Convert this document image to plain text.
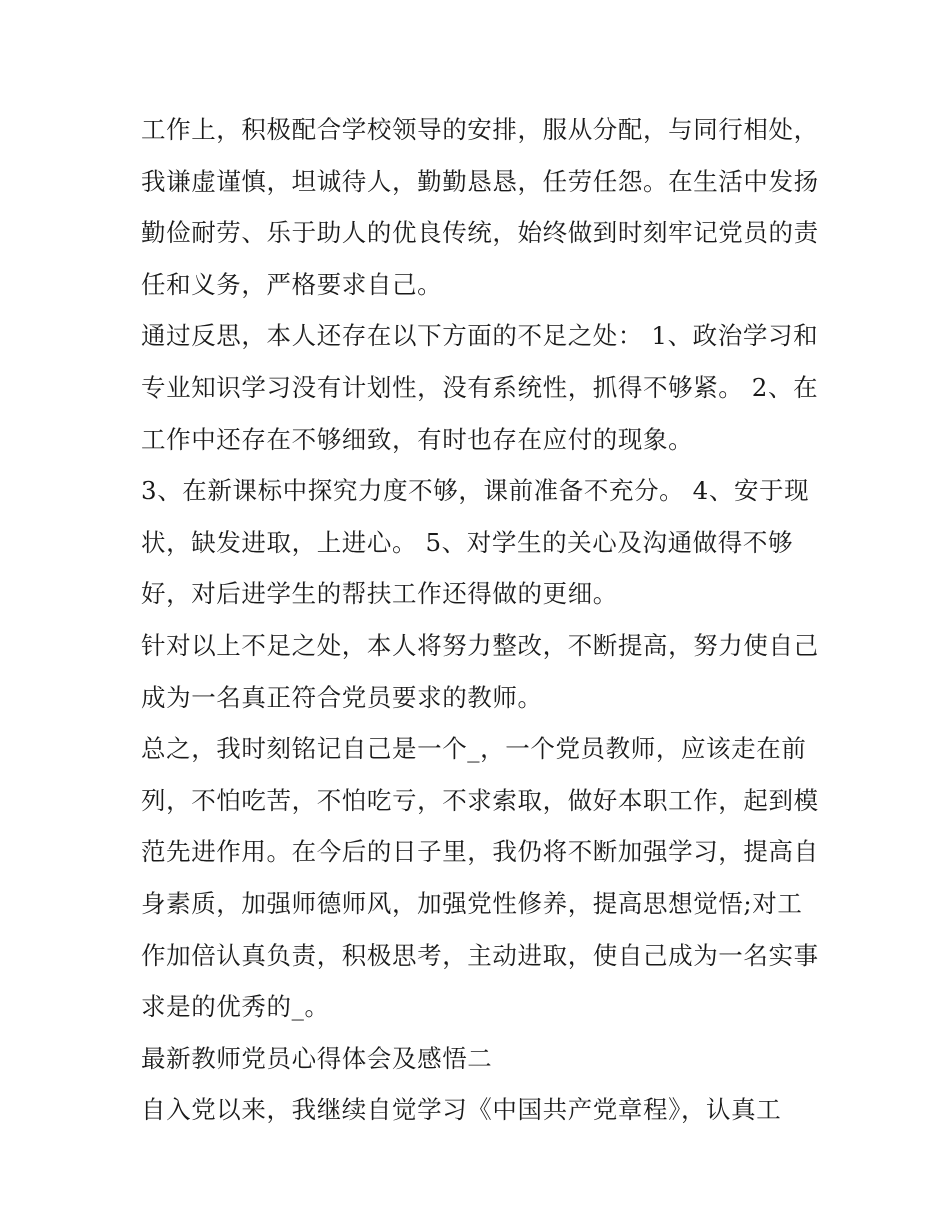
工作上，积极配合学校领导的安排，服从分配，与同行相处，

我谦虚谨慎，坦诚待人，勤勤恳恳，任劳任怨。在生活中发扬

勤俭耐劳、乐于助人的优良传统，始终做到时刻牢记党员的责

任和义务，严格要求自己。

通过反思，本人还存在以下方面的不足之处： 1、政治学习和

专业知识学习没有计划性，没有系统性，抓得不够紧。 2、在

工作中还存在不够细致，有时也存在应付的现象。

3、在新课标中探究力度不够，课前准备不充分。 4、安于现

状，缺发进取，上进心。 5、对学生的关心及沟通做得不够

好，对后进学生的帮扶工作还得做的更细。

针对以上不足之处，本人将努力整改，不断提高，努力使自己

成为一名真正符合党员要求的教师。

总之，我时刻铭记自己是一个_，一个党员教师，应该走在前

列，不怕吃苦，不怕吃亏，不求索取，做好本职工作，起到模

范先进作用。在今后的日子里，我仍将不断加强学习，提高自

身素质，加强师德师风，加强党性修养，提高思想觉悟;对工

作加倍认真负责，积极思考，主动进取，使自己成为一名实事

求是的优秀的_。

最新教师党员心得体会及感悟二

自入党以来，我继续自觉学习《中国共产党章程》，认真工
